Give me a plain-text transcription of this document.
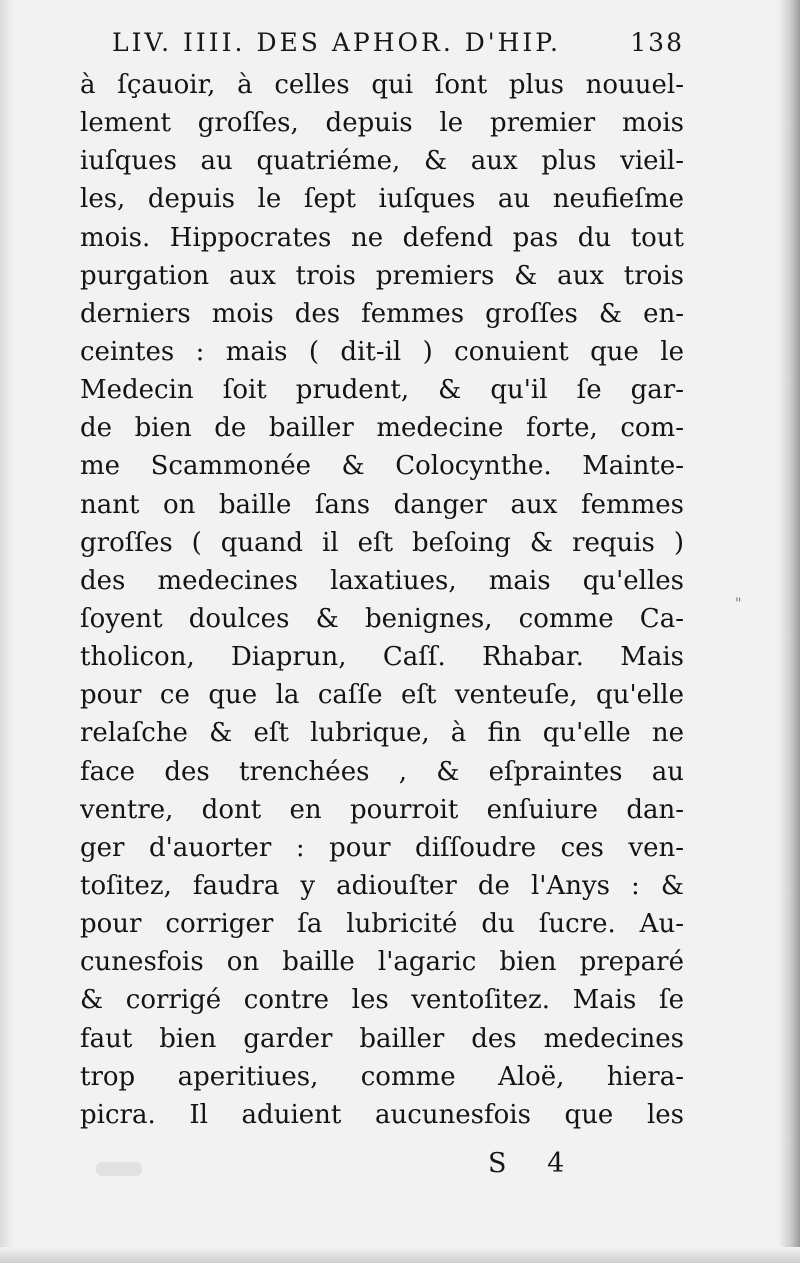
LIV. IIII. DES APHOR. D'HIP.	138
à ſçauoir, à celles qui ſont plus nouuel-
lement groſſes, depuis le premier mois
iuſques au quatriéme, & aux plus vieil-
les, depuis le ſept iuſques au neufieſme
mois. Hippocrates ne defend pas du tout
purgation aux trois premiers & aux trois
derniers mois des femmes groſſes & en-
ceintes : mais ( dit-il ) conuient que le
Medecin ſoit prudent, & qu'il ſe gar-
de bien de bailler medecine forte, com-
me Scammonée & Colocynthe. Mainte-
nant on baille ſans danger aux femmes
groſſes ( quand il eſt beſoing & requis )
des medecines laxatiues, mais qu'elles
ſoyent doulces & benignes, comme Ca-
tholicon, Diaprun, Caſſ. Rhabar. Mais
pour ce que la caſſe eſt venteuſe, qu'elle
relaſche & eſt lubrique, à fin qu'elle ne
face des trenchées , & eſpraintes au
ventre, dont en pourroit enſuiure dan-
ger d'auorter : pour diſſoudre ces ven-
toſitez, faudra y adiouſter de l'Anys : &
pour corriger ſa lubricité du ſucre. Au-
cunesfois on baille l'agaric bien preparé
& corrigé contre les ventoſitez. Mais ſe
faut bien garder bailler des medecines
trop aperitiues, comme Aloë, hiera-
picra. Il aduient aucunesfois que les
"
S 4
